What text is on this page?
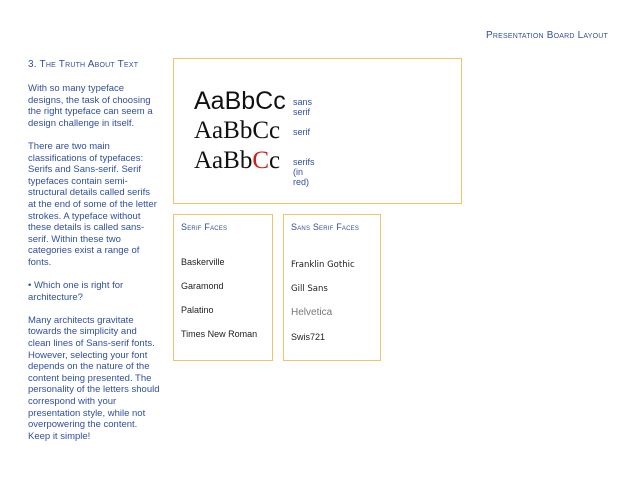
Presentation Board Layout
3. The Truth About Text

With so many typeface designs, the task of choosing the right typeface can seem a design challenge in itself.

There are two main classifications of typefaces: Serifs and Sans-serif. Serif typefaces contain semi-structural details called serifs at the end of some of the letter strokes. A typeface without these details is called sans-serif. Within these two categories exist a range of fonts.

• Which one is right for architecture?

Many architects gravitate towards the simplicity and clean lines of Sans-serif fonts. However, selecting your font depends on the nature of the content being presented. The personality of the letters should correspond with your presentation style, while not overpowering the content. Keep it simple!

AaBbCc sans serif
AaBbCc serif
AaBbCc serifs (in red)
Serif Faces
Baskerville
Garamond
Palatino
Times New Roman
Sans Serif Faces
Franklin Gothic
Gill Sans
Helvetica
Swis721
